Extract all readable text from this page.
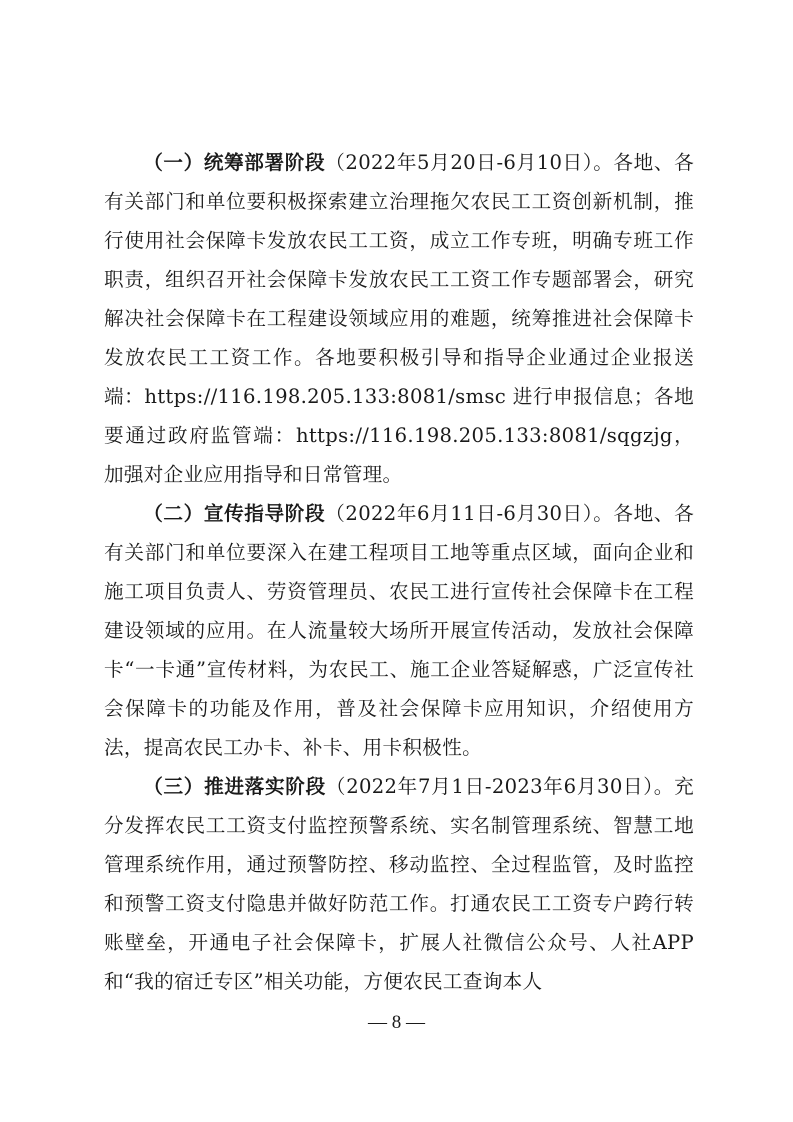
（一）统筹部署阶段（2022年5月20日-6月10日）。各地、各有关部门和单位要积极探索建立治理拖欠农民工工资创新机制，推行使用社会保障卡发放农民工工资，成立工作专班，明确专班工作职责，组织召开社会保障卡发放农民工工资工作专题部署会，研究解决社会保障卡在工程建设领域应用的难题，统筹推进社会保障卡发放农民工工资工作。各地要积极引导和指导企业通过企业报送端：https://116.198.205.133:8081/smsc 进行申报信息；各地要通过政府监管端：https://116.198.205.133:8081/sqgzjg，加强对企业应用指导和日常管理。

（二）宣传指导阶段（2022年6月11日-6月30日）。各地、各有关部门和单位要深入在建工程项目工地等重点区域，面向企业和施工项目负责人、劳资管理员、农民工进行宣传社会保障卡在工程建设领域的应用。在人流量较大场所开展宣传活动，发放社会保障卡“一卡通”宣传材料，为农民工、施工企业答疑解惑，广泛宣传社会保障卡的功能及作用，普及社会保障卡应用知识，介绍使用方法，提高农民工办卡、补卡、用卡积极性。

（三）推进落实阶段（2022年7月1日-2023年6月30日）。充分发挥农民工工资支付监控预警系统、实名制管理系统、智慧工地管理系统作用，通过预警防控、移动监控、全过程监管，及时监控和预警工资支付隐患并做好防范工作。打通农民工工资专户跨行转账壁垒，开通电子社会保障卡，扩展人社微信公众号、人社APP和“我的宿迁专区”相关功能，方便农民工查询本人

— 8 —
